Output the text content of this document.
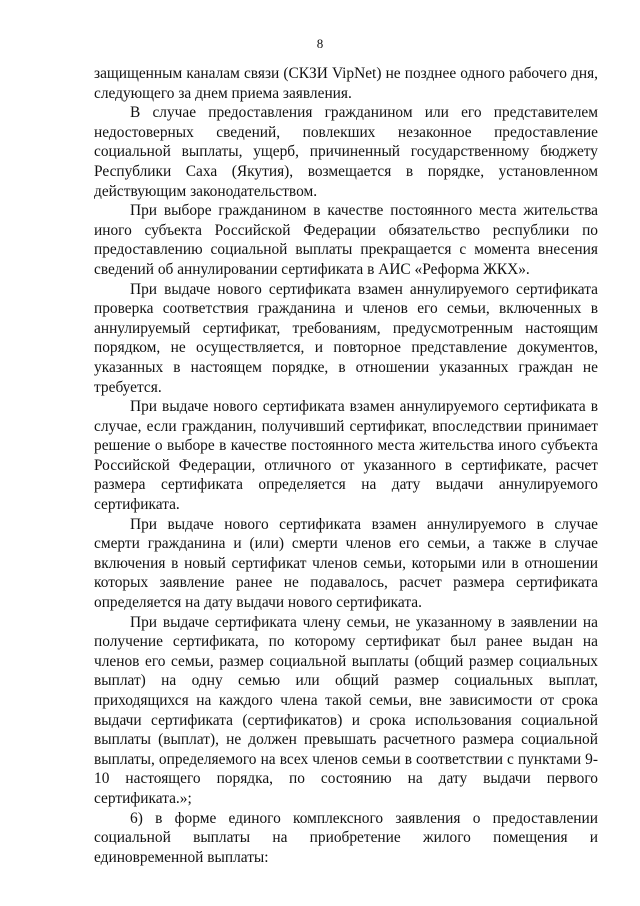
8

защищенным каналам связи (СКЗИ VipNet) не позднее одного рабочего дня, следующего за днем приема заявления.

В случае предоставления гражданином или его представителем недостоверных сведений, повлекших незаконное предоставление социальной выплаты, ущерб, причиненный государственному бюджету Республики Саха (Якутия), возмещается в порядке, установленном действующим законодательством.

При выборе гражданином в качестве постоянного места жительства иного субъекта Российской Федерации обязательство республики по предоставлению социальной выплаты прекращается с момента внесения сведений об аннулировании сертификата в АИС «Реформа ЖКХ».

При выдаче нового сертификата взамен аннулируемого сертификата проверка соответствия гражданина и членов его семьи, включенных в аннулируемый сертификат, требованиям, предусмотренным настоящим порядком, не осуществляется, и повторное представление документов, указанных в настоящем порядке, в отношении указанных граждан не требуется.

При выдаче нового сертификата взамен аннулируемого сертификата в случае, если гражданин, получивший сертификат, впоследствии принимает решение о выборе в качестве постоянного места жительства иного субъекта Российской Федерации, отличного от указанного в сертификате, расчет размера сертификата определяется на дату выдачи аннулируемого сертификата.

При выдаче нового сертификата взамен аннулируемого в случае смерти гражданина и (или) смерти членов его семьи, а также в случае включения в новый сертификат членов семьи, которыми или в отношении которых заявление ранее не подавалось, расчет размера сертификата определяется на дату выдачи нового сертификата.

При выдаче сертификата члену семьи, не указанному в заявлении на получение сертификата, по которому сертификат был ранее выдан на членов его семьи, размер социальной выплаты (общий размер социальных выплат) на одну семью или общий размер социальных выплат, приходящихся на каждого члена такой семьи, вне зависимости от срока выдачи сертификата (сертификатов) и срока использования социальной выплаты (выплат), не должен превышать расчетного размера социальной выплаты, определяемого на всех членов семьи в соответствии с пунктами 9-10 настоящего порядка, по состоянию на дату выдачи первого сертификата.»;

6) в форме единого комплексного заявления о предоставлении социальной выплаты на приобретение жилого помещения и единовременной выплаты:
